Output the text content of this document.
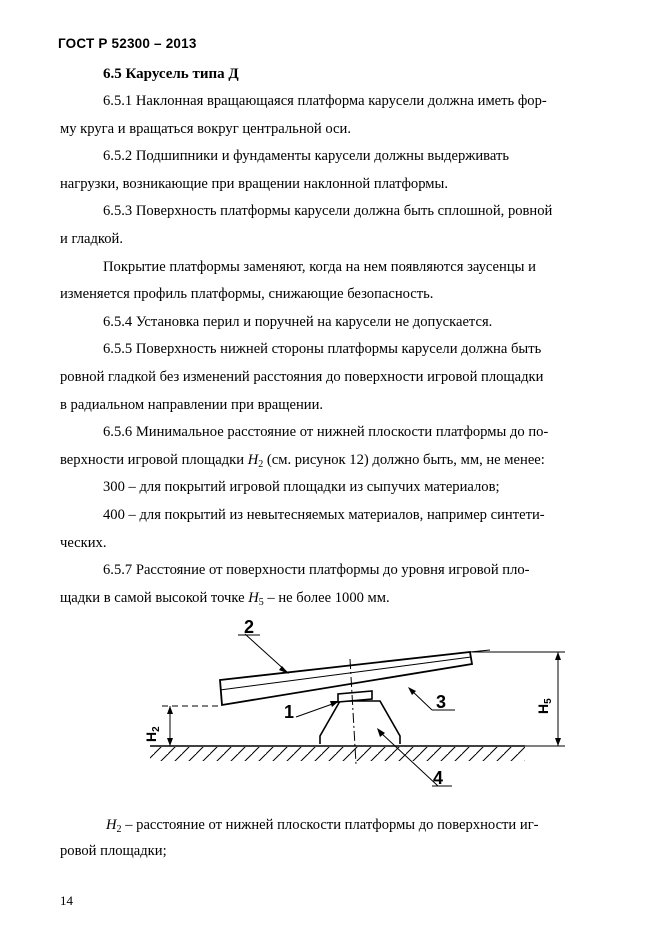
ГОСТ Р 52300 – 2013
6.5 Карусель типа Д

6.5.1 Наклонная вращающаяся платформа карусели должна иметь фор-

му круга и вращаться вокруг центральной оси.

6.5.2 Подшипники и фундаменты карусели должны выдерживать

нагрузки, возникающие при вращении наклонной платформы.

6.5.3 Поверхность платформы карусели должна быть сплошной, ровной

и гладкой.

Покрытие платформы заменяют, когда на нем появляются заусенцы и

изменяется профиль платформы, снижающие безопасность.

6.5.4 Установка перил и поручней на карусели не допускается.

6.5.5 Поверхность нижней стороны платформы карусели должна быть

ровной гладкой без изменений расстояния до поверхности игровой площадки

в радиальном направлении при вращении.

6.5.6 Минимальное расстояние от нижней плоскости платформы до по-

верхности игровой площадки $H_2$ (см. рисунок 12) должно быть, мм, не менее:

300 – для покрытий игровой площадки из сыпучих материалов;

400 – для покрытий из невытесняемых материалов, например синтети-

ческих.

6.5.7 Расстояние от поверхности платформы до уровня игровой пло-

щадки в самой высокой точке $H_5$ – не более 1000 мм.

$H_2$
$H_5$
2
1	3
4

$H_2$ – расстояние от нижней плоскости платформы до поверхности иг-

ровой площадки;

14
